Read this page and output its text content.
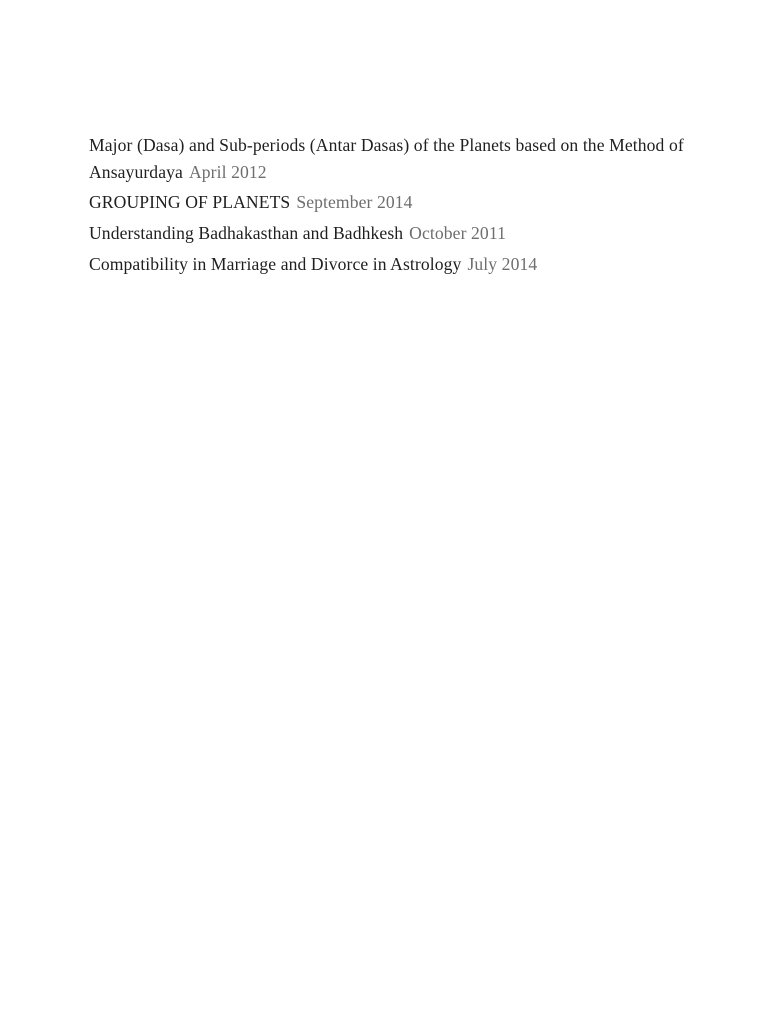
Major (Dasa) and Sub-periods (Antar Dasas) of the Planets based on the Method of Ansayurdaya April 2012

GROUPING OF PLANETS September 2014

Understanding Badhakasthan and Badhkesh October 2011

Compatibility in Marriage and Divorce in Astrology July 2014
